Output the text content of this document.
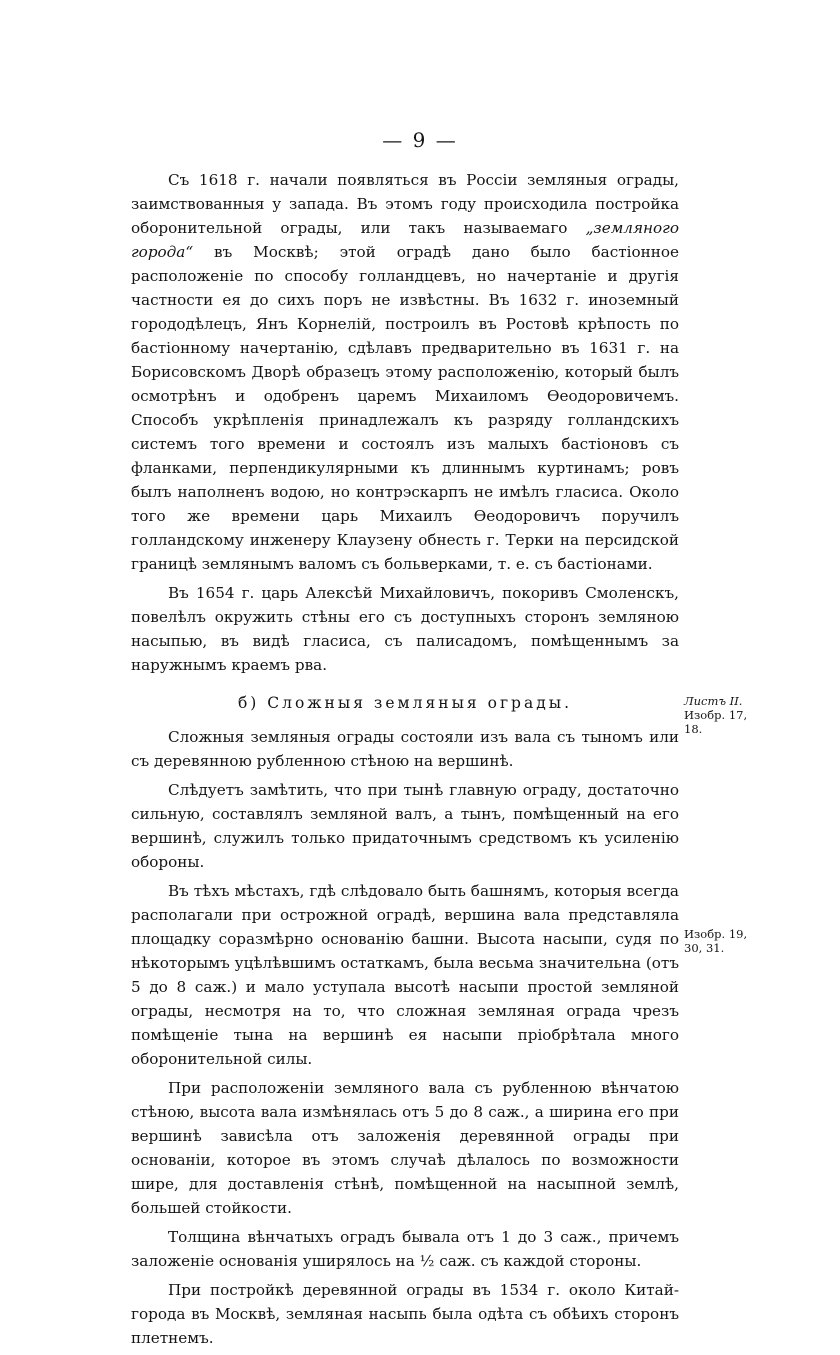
— 9 —

Съ 1618 г. начали появляться въ Россіи земляныя ограды, заимствованныя у запада. Въ этомъ году происходила постройка оборонительной ограды, или такъ называемаго „земляного города“ въ Москвѣ; этой оградѣ дано было бастіонное расположеніе по способу голландцевъ, но начертаніе и другія частности ея до сихъ поръ не извѣстны. Въ 1632 г. иноземный горододѣлецъ, Янъ Корнелій, построилъ въ Ростовѣ крѣпость по бастіонному начертанію, сдѣлавъ предварительно въ 1631 г. на Борисовскомъ Дворѣ образецъ этому расположенію, который былъ осмотрѣнъ и одобренъ царемъ Михаиломъ Ѳеодоровичемъ. Способъ укрѣпленія принадлежалъ къ разряду голландскихъ системъ того времени и состоялъ изъ малыхъ бастіоновъ съ фланками, перпендикулярными къ длиннымъ куртинамъ; ровъ былъ наполненъ водою, но контрэскарпъ не имѣлъ гласиса. Около того же времени царь Михаилъ Ѳеодоровичъ поручилъ голландскому инженеру Клаузену обнесть г. Терки на персидской границѣ землянымъ валомъ съ больверками, т. е. съ бастіонами.

Въ 1654 г. царь Алексѣй Михайловичъ, покоривъ Смоленскъ, повелѣлъ окружить стѣны его съ доступныхъ сторонъ земляною насыпью, въ видѣ гласиса, съ палисадомъ, помѣщеннымъ за наружнымъ краемъ рва.

б) Сложныя земляныя ограды.

Сложныя земляныя ограды состояли изъ вала съ тыномъ или съ деревянною рубленною стѣною на вершинѣ.

Слѣдуетъ замѣтить, что при тынѣ главную ограду, достаточно сильную, составлялъ земляной валъ, а тынъ, помѣщенный на его вершинѣ, служилъ только придаточнымъ средствомъ къ усиленію обороны.

Въ тѣхъ мѣстахъ, гдѣ слѣдовало быть башнямъ, которыя всегда располагали при острожной оградѣ, вершина вала представляла площадку соразмѣрно основанію башни. Высота насыпи, судя по нѣкоторымъ уцѣлѣвшимъ остаткамъ, была весьма значительна (отъ 5 до 8 саж.) и мало уступала высотѣ насыпи простой земляной ограды, несмотря на то, что сложная земляная ограда чрезъ помѣщеніе тына на вершинѣ ея насыпи пріобрѣтала много оборонительной силы.

При расположеніи земляного вала съ рубленною вѣнчатою стѣною, высота вала измѣнялась отъ 5 до 8 саж., а ширина его при вершинѣ зависѣла отъ заложенія деревянной ограды при основаніи, которое въ этомъ случаѣ дѣлалось по возможности шире, для доставленія стѣнѣ, помѣщенной на насыпной землѣ, большей стойкости.

Толщина вѣнчатыхъ оградъ бывала отъ 1 до 3 саж., причемъ заложеніе основанія уширялось на ½ саж. съ каждой стороны.

При постройкѣ деревянной ограды въ 1534 г. около Китай-города въ Москвѣ, земляная насыпь была одѣта съ обѣихъ сторонъ плетнемъ.

Листъ II.
Изобр. 17,
18.
Изобр. 19,
30, 31.
